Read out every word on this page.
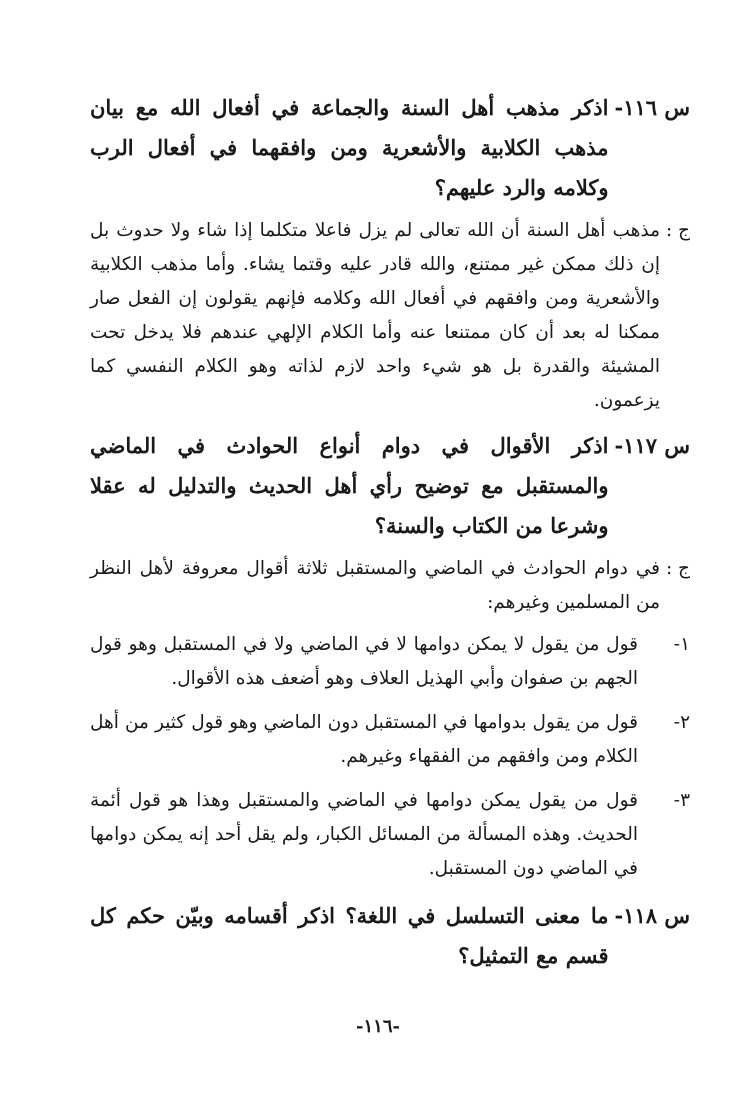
س ١١٦-
اذكر مذهب أهل السنة والجماعة في أفعال الله مع بيان مذهب الكلابية والأشعرية ومن وافقهما في أفعال الرب وكلامه والرد عليهم؟
ج :
مذهب أهل السنة أن الله تعالى لم يزل فاعلا متكلما إذا شاء ولا حدوث بل إن ذلك ممكن غير ممتنع، والله قادر عليه وقتما يشاء. وأما مذهب الكلابية والأشعرية ومن وافقهم في أفعال الله وكلامه فإنهم يقولون إن الفعل صار ممكنا له بعد أن كان ممتنعا عنه وأما الكلام الإلهي عندهم فلا يدخل تحت المشيئة والقدرة بل هو شيء واحد لازم لذاته وهو الكلام النفسي كما يزعمون.
س ١١٧-
اذكر الأقوال في دوام أنواع الحوادث في الماضي والمستقبل مع توضيح رأي أهل الحديث والتدليل له عقلا وشرعا من الكتاب والسنة؟
ج :
في دوام الحوادث في الماضي والمستقبل ثلاثة أقوال معروفة لأهل النظر من المسلمين وغيرهم:
١-
قول من يقول لا يمكن دوامها لا في الماضي ولا في المستقبل وهو قول الجهم بن صفوان وأبي الهذيل العلاف وهو أضعف هذه الأقوال.
٢-
قول من يقول بدوامها في المستقبل دون الماضي وهو قول كثير من أهل الكلام ومن وافقهم من الفقهاء وغيرهم.
٣-
قول من يقول يمكن دوامها في الماضي والمستقبل وهذا هو قول أئمة الحديث. وهذه المسألة من المسائل الكبار، ولم يقل أحد إنه يمكن دوامها في الماضي دون المستقبل.
س ١١٨-
ما معنى التسلسل في اللغة؟ اذكر أقسامه وبيّن حكم كل قسم مع التمثيل؟
-١١٦-
